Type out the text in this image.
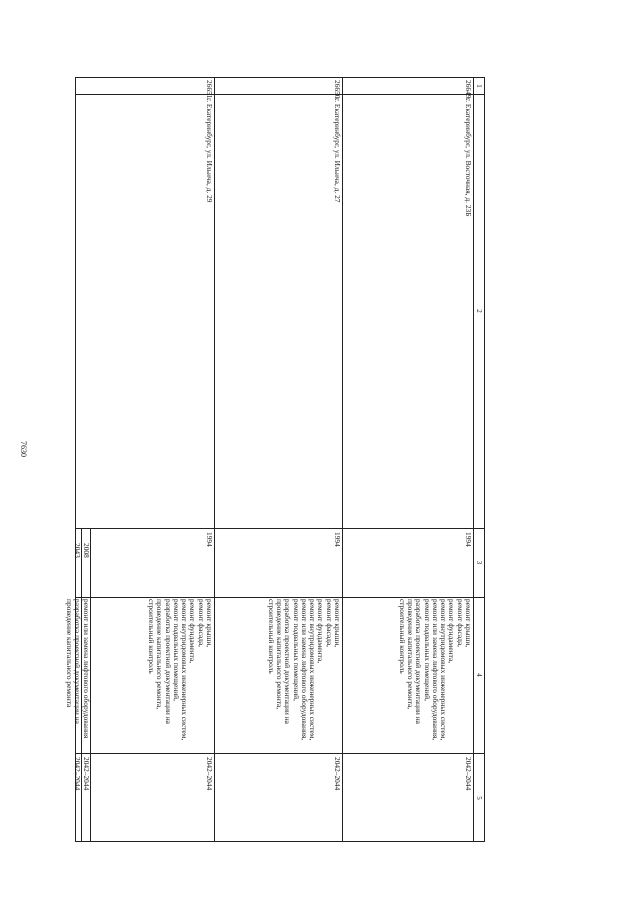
7630
1
2
3
4
5
26649.
г. Екатеринбург, ул. Восточная, д. 23Б
1994
ремонт крыши,
ремонт фасада,
ремонт фундамента,
ремонт внутридомовых инженерных систем,
ремонт или замена лифтового оборудования,
ремонт подвальных помещений,
разработка проектной документации на
проведение капитального ремонта,
строительный контроль
2042–2044
26650.
г. Екатеринбург, ул. Ильича, д. 27
1994
ремонт крыши,
ремонт фасада,
ремонт фундамента,
ремонт внутридомовых инженерных систем,
ремонт или замена лифтового оборудования,
ремонт подвальных помещений,
разработка проектной документации на
проведение капитального ремонта,
строительный контроль
2042–2044
26651.
г. Екатеринбург, ул. Ильича, д. 29
1994
ремонт крыши,
ремонт фасада,
ремонт фундамента,
ремонт внутридомовых инженерных систем,
ремонт подвальных помещений,
разработка проектной документации на
проведение капитального ремонта,
строительный контроль
2042–2044
2008
ремонт или замена лифтового оборудования
2042–2044
2043
разработка проектной документации на
проведение капитального ремонта
2042–2044
